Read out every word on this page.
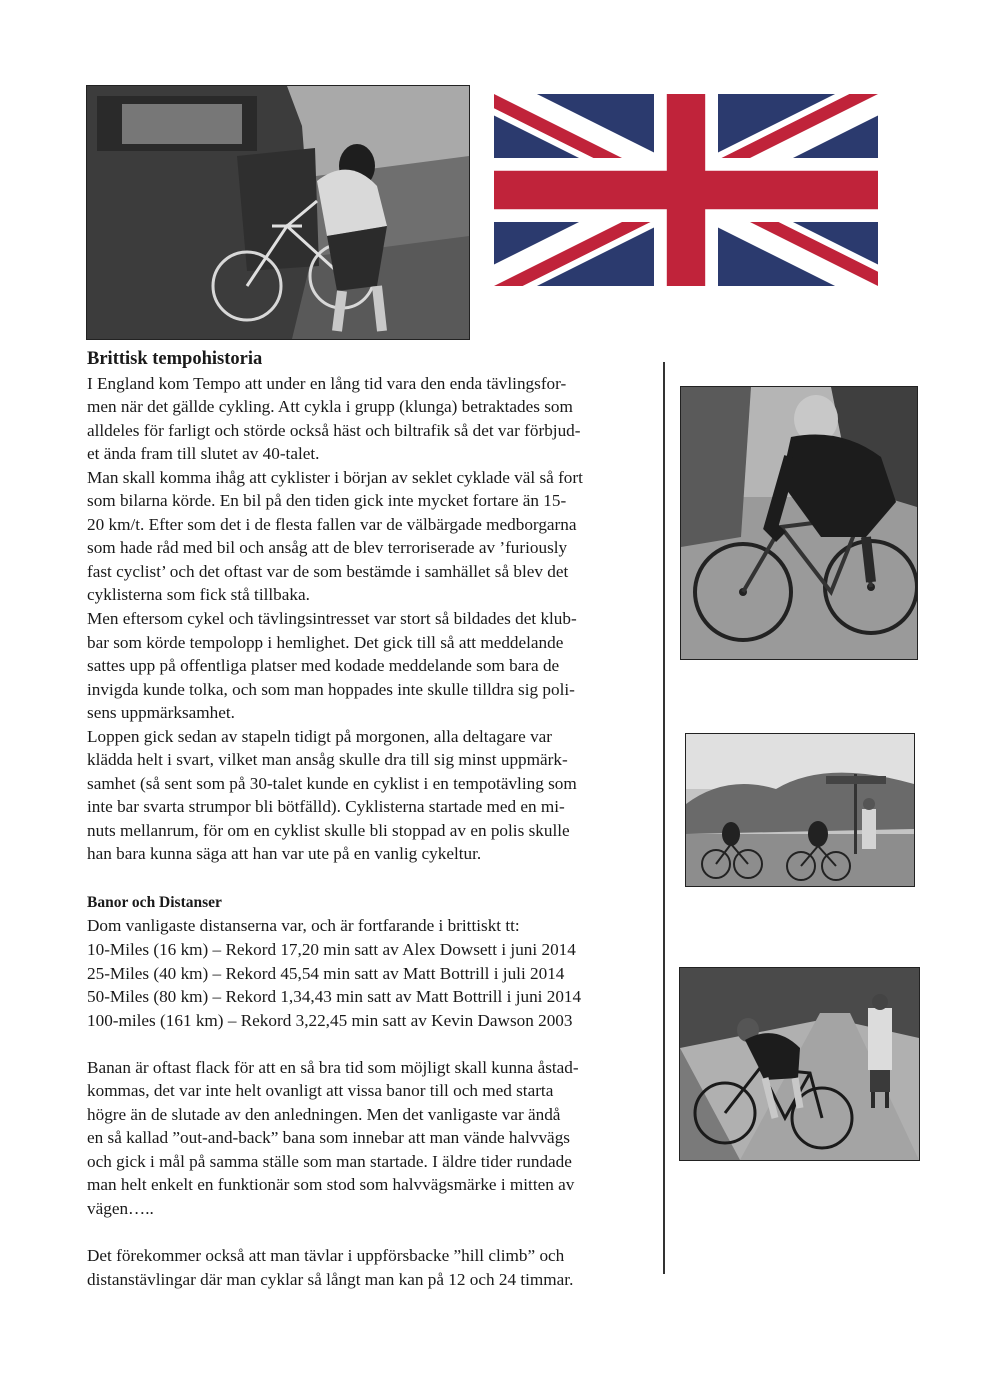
Brittisk tempohistoria

I England kom Tempo att under en lång tid vara den enda tävlingsfor-

men när det gällde cykling. Att cykla i grupp (klunga) betraktades som

alldeles för farligt och störde också häst och biltrafik så det var förbjud-

et ända fram till slutet av 40-talet.

Man skall komma ihåg att cyklister i början av seklet cyklade väl så fort

som bilarna körde. En bil på den tiden gick inte mycket fortare än 15-

20 km/t. Efter som det i de flesta fallen var de välbärgade medborgarna

som hade råd med bil och ansåg att de blev terroriserade av ’furiously

fast cyclist’ och det oftast var de som bestämde i samhället så blev det

cyklisterna som fick stå tillbaka.

Men eftersom cykel och tävlingsintresset var stort så bildades det klub-

bar som körde tempolopp i hemlighet. Det gick till så att meddelande

sattes upp på offentliga platser med kodade meddelande som bara de

invigda kunde tolka, och som man hoppades inte skulle tilldra sig poli-

sens uppmärksamhet.

Loppen gick sedan av stapeln tidigt på morgonen, alla deltagare var

klädda helt i svart, vilket man ansåg skulle dra till sig minst uppmärk-

samhet (så sent som på 30-talet kunde en cyklist i en tempotävling som

inte bar svarta strumpor bli bötfälld). Cyklisterna startade med en mi-

nuts mellanrum, för om en cyklist skulle bli stoppad av en polis skulle

han bara kunna säga att han var ute på en vanlig cykeltur.

Banor och Distanser

Dom vanligaste distanserna var, och är fortfarande i brittiskt tt:

10-Miles (16 km) – Rekord 17,20 min satt av Alex Dowsett i juni 2014

25-Miles (40 km) – Rekord 45,54 min satt av Matt Bottrill i juli 2014

50-Miles (80 km) – Rekord 1,34,43 min satt av Matt Bottrill i juni 2014

100-miles (161 km) – Rekord 3,22,45 min satt av Kevin Dawson 2003

Banan är oftast flack för att en så bra tid som möjligt skall kunna åstad-

kommas, det var inte helt ovanligt att vissa banor till och med starta

högre än de slutade av den anledningen. Men det vanligaste var ändå

en så kallad ”out-and-back” bana som innebar att man vände halvvägs

och gick i mål på samma ställe som man startade. I äldre tider rundade

man helt enkelt en funktionär som stod som halvvägsmärke i mitten av

vägen…..

Det förekommer också att man tävlar i uppförsbacke ”hill climb” och

distanstävlingar där man cyklar så långt man kan på 12 och 24 timmar.
